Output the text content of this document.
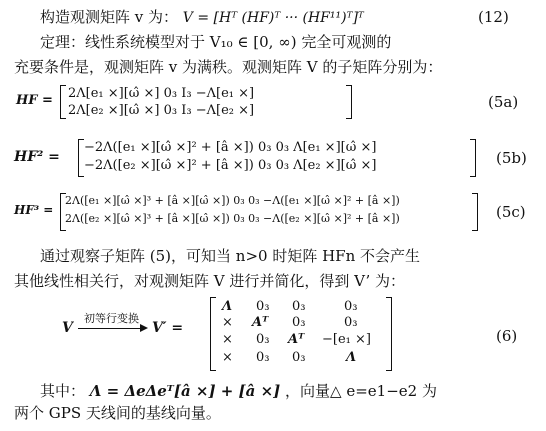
构造观测矩阵 v 为： V = [Hᵀ (HF)ᵀ ··· (HF¹¹)ᵀ]ᵀ	(12)
定理：线性系统模型对于 V₁₀ ∈ [0, ∞) 完全可观测的
充要条件是，观测矩阵 v 为满秩。观测矩阵 V 的子矩阵分别为：
HF = 2Λ[e₁ ×][ω̂ ×] 0₃ I₃ −Λ[e₁ ×]
2Λ[e₂ ×][ω̂ ×] 0₃ I₃ −Λ[e₂ ×]	(5a)
HF² =
−2Λ([e₁ ×][ω̂ ×]² + [â ×]) 0₃ 0₃ Λ[e₁ ×][ω̂ ×]
−2Λ([e₂ ×][ω̂ ×]² + [â ×]) 0₃ 0₃ Λ[e₂ ×][ω̂ ×]	(5b)
HF³ =
2Λ([e₁ ×][ω̂ ×]³ + [â ×][ω̂ ×]) 0₃ 0₃ −Λ([e₁ ×][ω̂ ×]² + [â ×])
2Λ([e₂ ×][ω̂ ×]³ + [â ×][ω̂ ×]) 0₃ 0₃ −Λ([e₂ ×][ω̂ ×]² + [â ×])	(5c)
通过观察子矩阵 (5)，可知当 n>0 时矩阵 HFn 不会产生
其他线性相关行，对观测矩阵 V 进行并简化，得到 V’ 为：
V
初等行变换
V′ =
Λ 0₃ 0₃	0₃
× Aᵀ 0₃	0₃
× 0₃ Aᵀ −[e₁ ×]
× 0₃ 0₃	Λ
(6)
其中： Λ = ΔeΔeᵀ[â ×] + [â ×] ，向量△ e=e1−e2 为
两个 GPS 天线间的基线向量。
